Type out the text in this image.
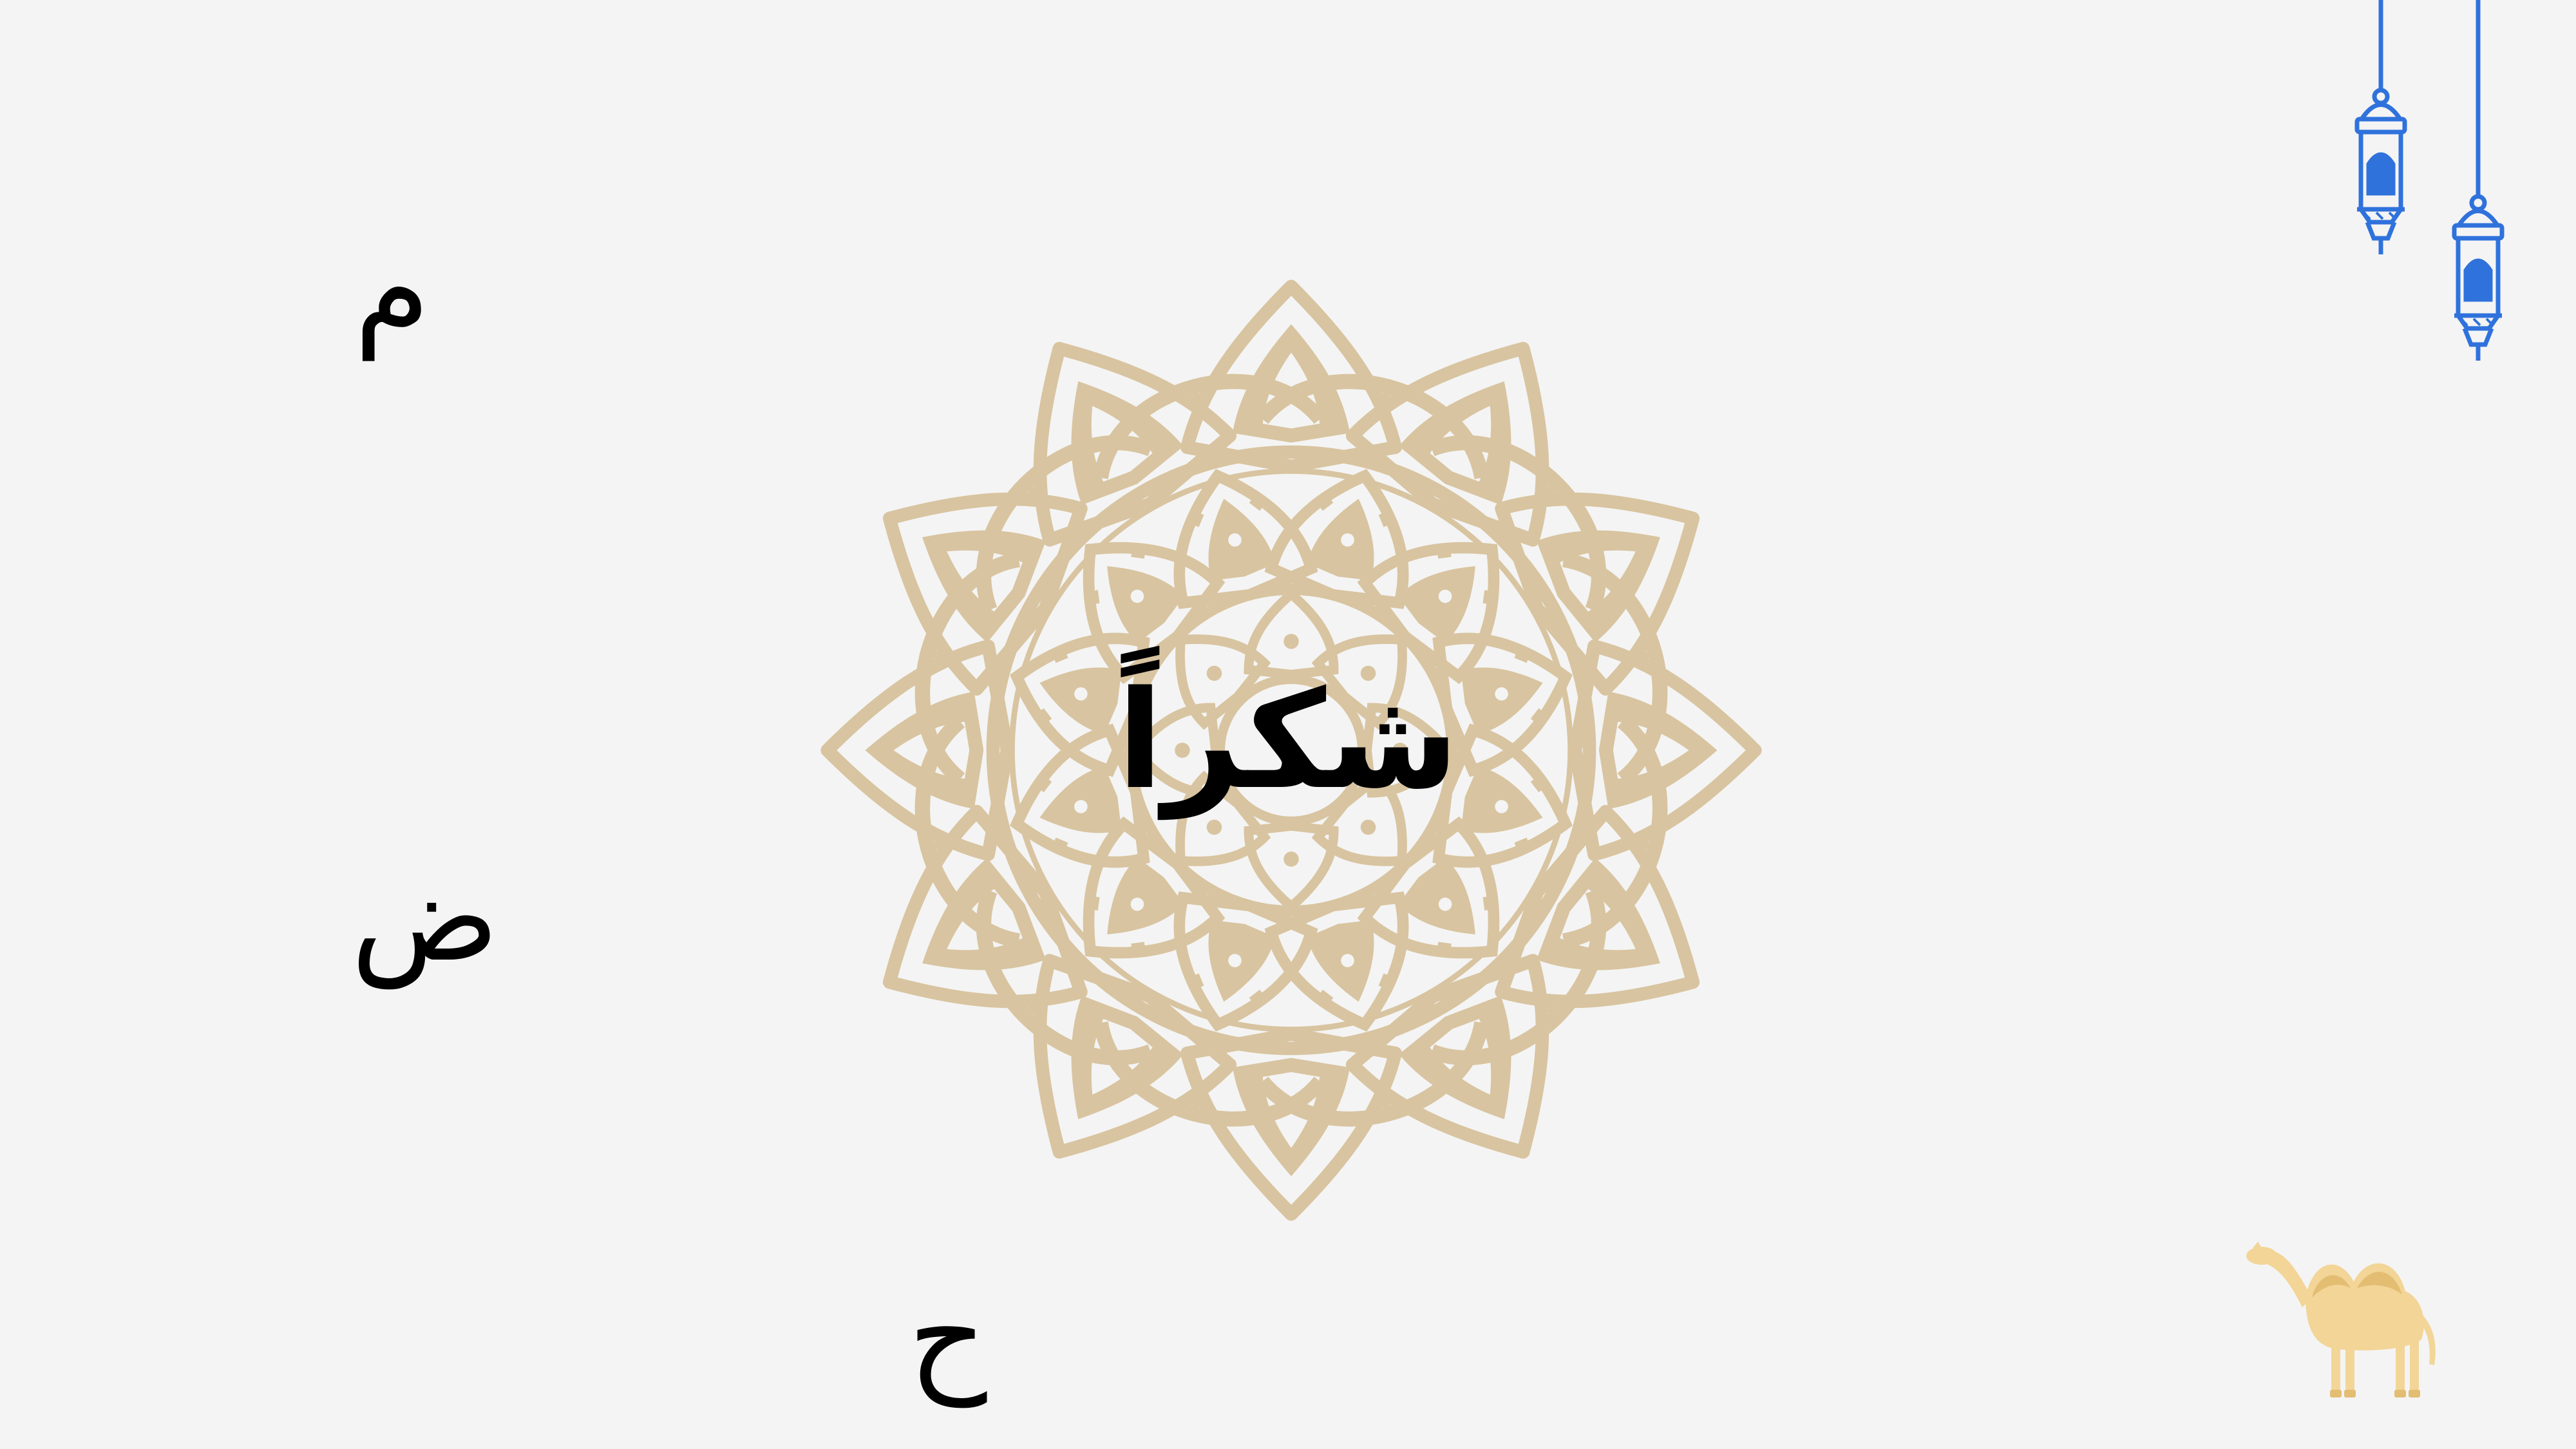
شكراً
م
ض
ح
